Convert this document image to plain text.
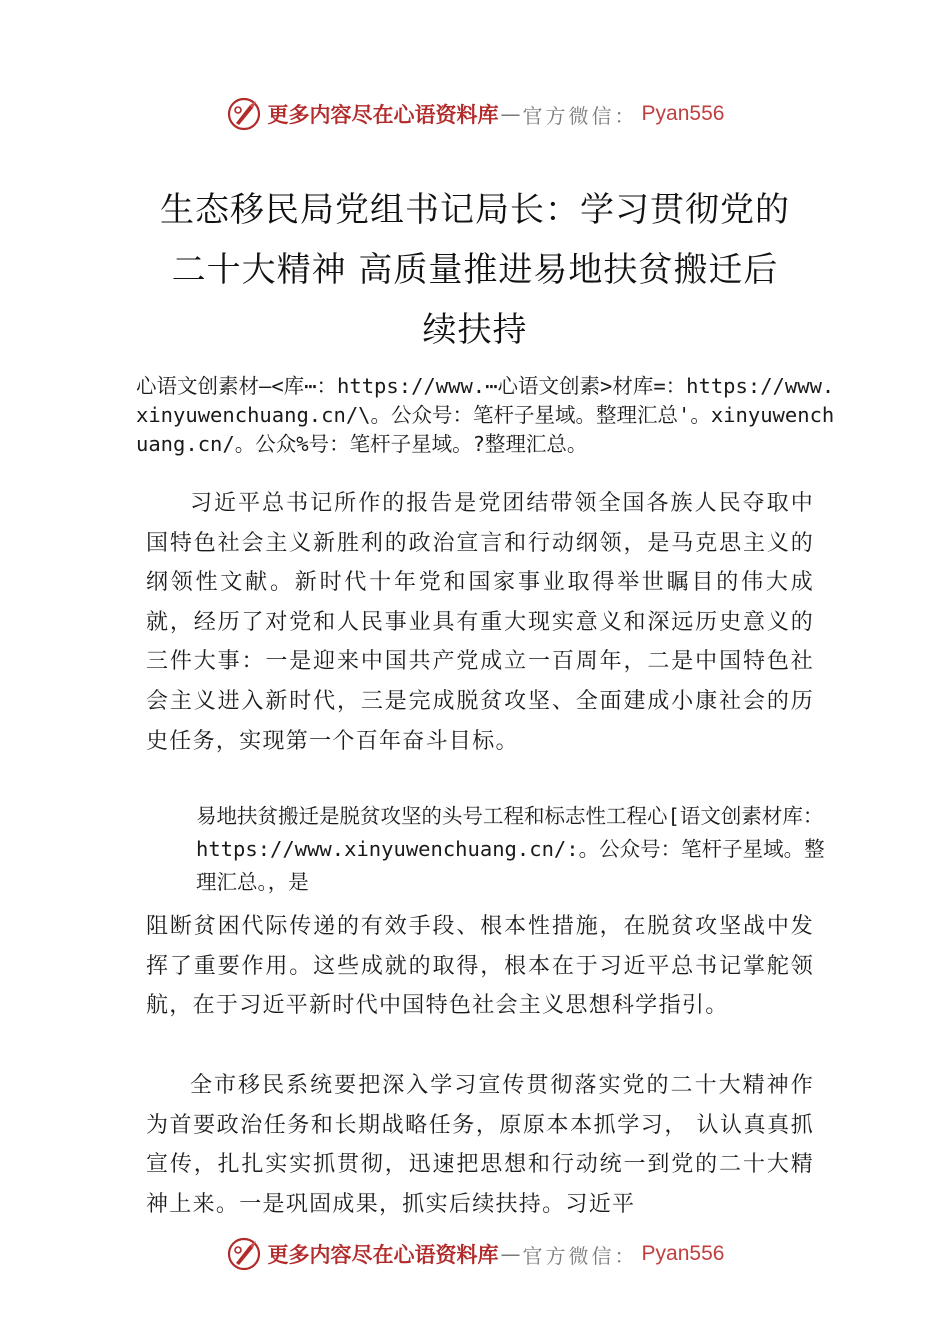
更多内容尽在心语资料库 — 官方微信： Pyan556
生态移民局党组书记局长：学习贯彻党的
二十大精神 高质量推进易地扶贫搬迁后
续扶持

心语文创素材—<库⋯：https://www.⋯心语文创素>材库=：https://www.xinyuwenchuang.cn/\。公众号：笔杆子星域。整理汇总'。xinyuwenchuang.cn/。公众%号：笔杆子星域。?整理汇总。

习近平总书记所作的报告是党团结带领全国各族人民夺取中国特色社会主义新胜利的政治宣言和行动纲领，是马克思主义的纲领性文献。新时代十年党和国家事业取得举世瞩目的伟大成就，经历了对党和人民事业具有重大现实意义和深远历史意义的三件大事：一是迎来中国共产党成立一百周年，二是中国特色社会主义进入新时代，三是完成脱贫攻坚、全面建成小康社会的历史任务，实现第一个百年奋斗目标。

易地扶贫搬迁是脱贫攻坚的头号工程和标志性工程心[语文创素材库：https://www.xinyuwenchuang.cn/:。公众号：笔杆子星域。整理汇总。，是

阻断贫困代际传递的有效手段、根本性措施，在脱贫攻坚战中发挥了重要作用。这些成就的取得，根本在于习近平总书记掌舵领航，在于习近平新时代中国特色社会主义思想科学指引。

全市移民系统要把深入学习宣传贯彻落实党的二十大精神作为首要政治任务和长期战略任务，原原本本抓学习， 认认真真抓宣传，扎扎实实抓贯彻，迅速把思想和行动统一到党的二十大精神上来。一是巩固成果，抓实后续扶持。习近平

更多内容尽在心语资料库 — 官方微信： Pyan556
